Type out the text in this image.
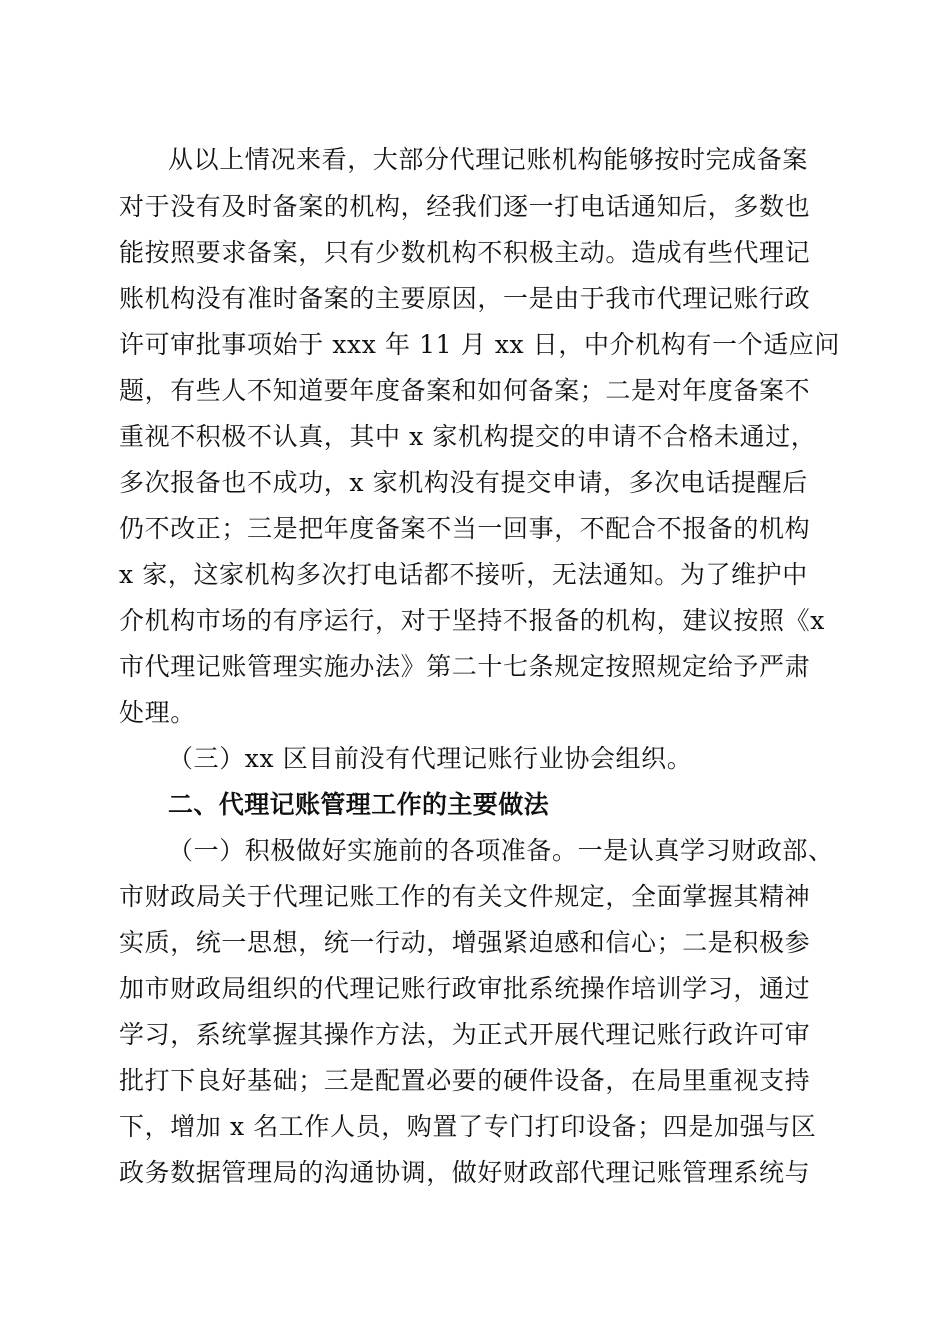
从以上情况来看，大部分代理记账机构能够按时完成备案
对于没有及时备案的机构，经我们逐一打电话通知后，多数也
能按照要求备案，只有少数机构不积极主动。造成有些代理记
账机构没有准时备案的主要原因，一是由于我市代理记账行政
许可审批事项始于 xxx 年 11 月 xx 日，中介机构有一个适应问
题，有些人不知道要年度备案和如何备案；二是对年度备案不
重视不积极不认真，其中 x 家机构提交的申请不合格未通过，
多次报备也不成功，x 家机构没有提交申请，多次电话提醒后
仍不改正；三是把年度备案不当一回事，不配合不报备的机构
x 家，这家机构多次打电话都不接听，无法通知。为了维护中
介机构市场的有序运行，对于坚持不报备的机构，建议按照《x
市代理记账管理实施办法》第二十七条规定按照规定给予严肃
处理。
（三）xx 区目前没有代理记账行业协会组织。
二、代理记账管理工作的主要做法
（一）积极做好实施前的各项准备。一是认真学习财政部、
市财政局关于代理记账工作的有关文件规定，全面掌握其精神
实质，统一思想，统一行动，增强紧迫感和信心；二是积极参
加市财政局组织的代理记账行政审批系统操作培训学习，通过
学习，系统掌握其操作方法，为正式开展代理记账行政许可审
批打下良好基础；三是配置必要的硬件设备，在局里重视支持
下，增加 x 名工作人员，购置了专门打印设备；四是加强与区
政务数据管理局的沟通协调，做好财政部代理记账管理系统与
